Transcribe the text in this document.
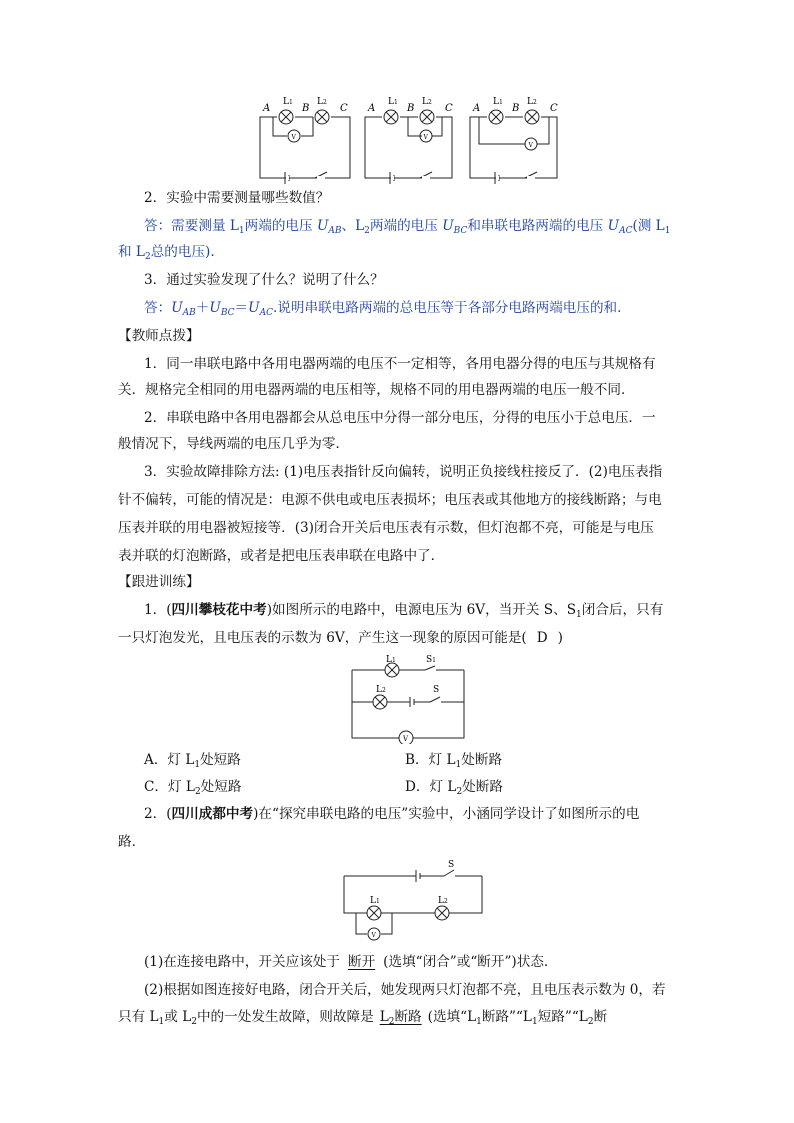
A
L1
B
L2
C
V
A
L1
B
L2
C
V
A
L1
B
L2
C
V
2．实验中需要测量哪些数值？
答：需要测量 $L_1$两端的电压 $U_{AB}$、$L_2$两端的电压 $U_{BC}$和串联电路两端的电压 $U_{AC}$(测 $L_1$
和 $L_2$总的电压).
3．通过实验发现了什么？说明了什么？
答：$U_{AB}+U_{BC}=U_{AC}$.说明串联电路两端的总电压等于各部分电路两端电压的和.
【教师点拨】
1．同一串联电路中各用电器两端的电压不一定相等，各用电器分得的电压与其规格有
关．规格完全相同的用电器两端的电压相等，规格不同的用电器两端的电压一般不同．
2．串联电路中各用电器都会从总电压中分得一部分电压，分得的电压小于总电压．一
般情况下，导线两端的电压几乎为零．
3．实验故障排除方法: (1)电压表指针反向偏转，说明正负接线柱接反了．(2)电压表指
针不偏转，可能的情况是：电源不供电或电压表损坏；电压表或其他地方的接线断路；与电
压表并联的用电器被短接等．(3)闭合开关后电压表有示数，但灯泡都不亮，可能是与电压
表并联的灯泡断路，或者是把电压表串联在电路中了．
【跟进训练】
1．(四川攀枝花中考)如图所示的电路中，电源电压为 6V，当开关 S、$S_1$闭合后，只有
一只灯泡发光，且电压表的示数为 6V，产生这一现象的原因可能是( D )
L1	S1
L2	S
V
A．灯 $L_1$处短路	B．灯 $L_1$处断路
C．灯 $L_2$处短路	D．灯 $L_2$处断路
2．(四川成都中考)在“探究串联电路的电压”实验中，小涵同学设计了如图所示的电
路．
S
L1	L2
V
(1)在连接电路中，开关应该处于 断开 (选填“闭合”或“断开”)状态．
(2)根据如图连接好电路，闭合开关后，她发现两只灯泡都不亮，且电压表示数为 0，若
只有 $L_1$或 $L_2$中的一处发生故障，则故障是 $L_2$断路 (选填“$L_1$断路$”“L_1$短路$”“L_2$断
